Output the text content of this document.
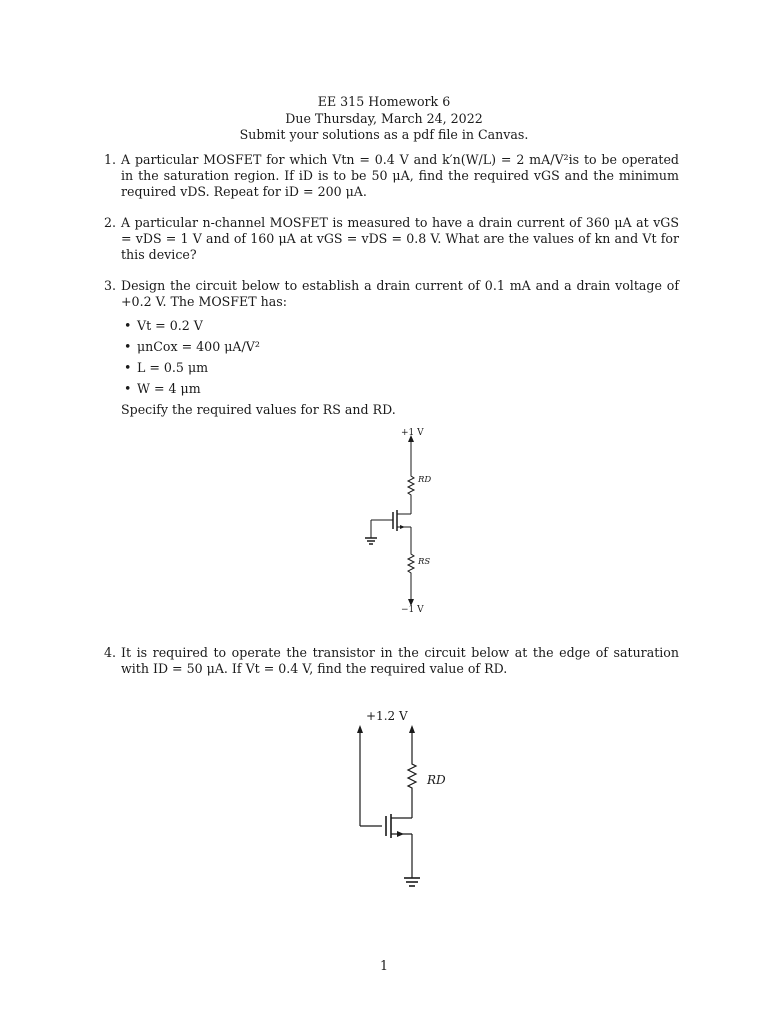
EE 315 Homework 6
Due Thursday, March 24, 2022
Submit your solutions as a pdf file in Canvas.
1. A particular MOSFET for which Vtn = 0.4 V and k′n(W/L) = 2 mA/V²is to be operated in the saturation region. If iD is to be 50 μA, find the required vGS and the minimum required vDS. Repeat for iD = 200 μA.

2. A particular n-channel MOSFET is measured to have a drain current of 360 μA at vGS = vDS = 1 V and of 160 μA at vGS = vDS = 0.8 V. What are the values of kn and Vt for this device?

3. Design the circuit below to establish a drain current of 0.1 mA and a drain voltage of +0.2 V. The MOSFET has:

• Vt = 0.2 V
• μnCox = 400 μA/V²
• L = 0.5 μm
• W = 4 μm

Specify the required values for RS and RD.

+1 V
−1 V
RD
RS
4. It is required to operate the transistor in the circuit below at the edge of saturation with ID = 50 μA. If Vt = 0.4 V, find the required value of RD.

+1.2 V
RD
1
